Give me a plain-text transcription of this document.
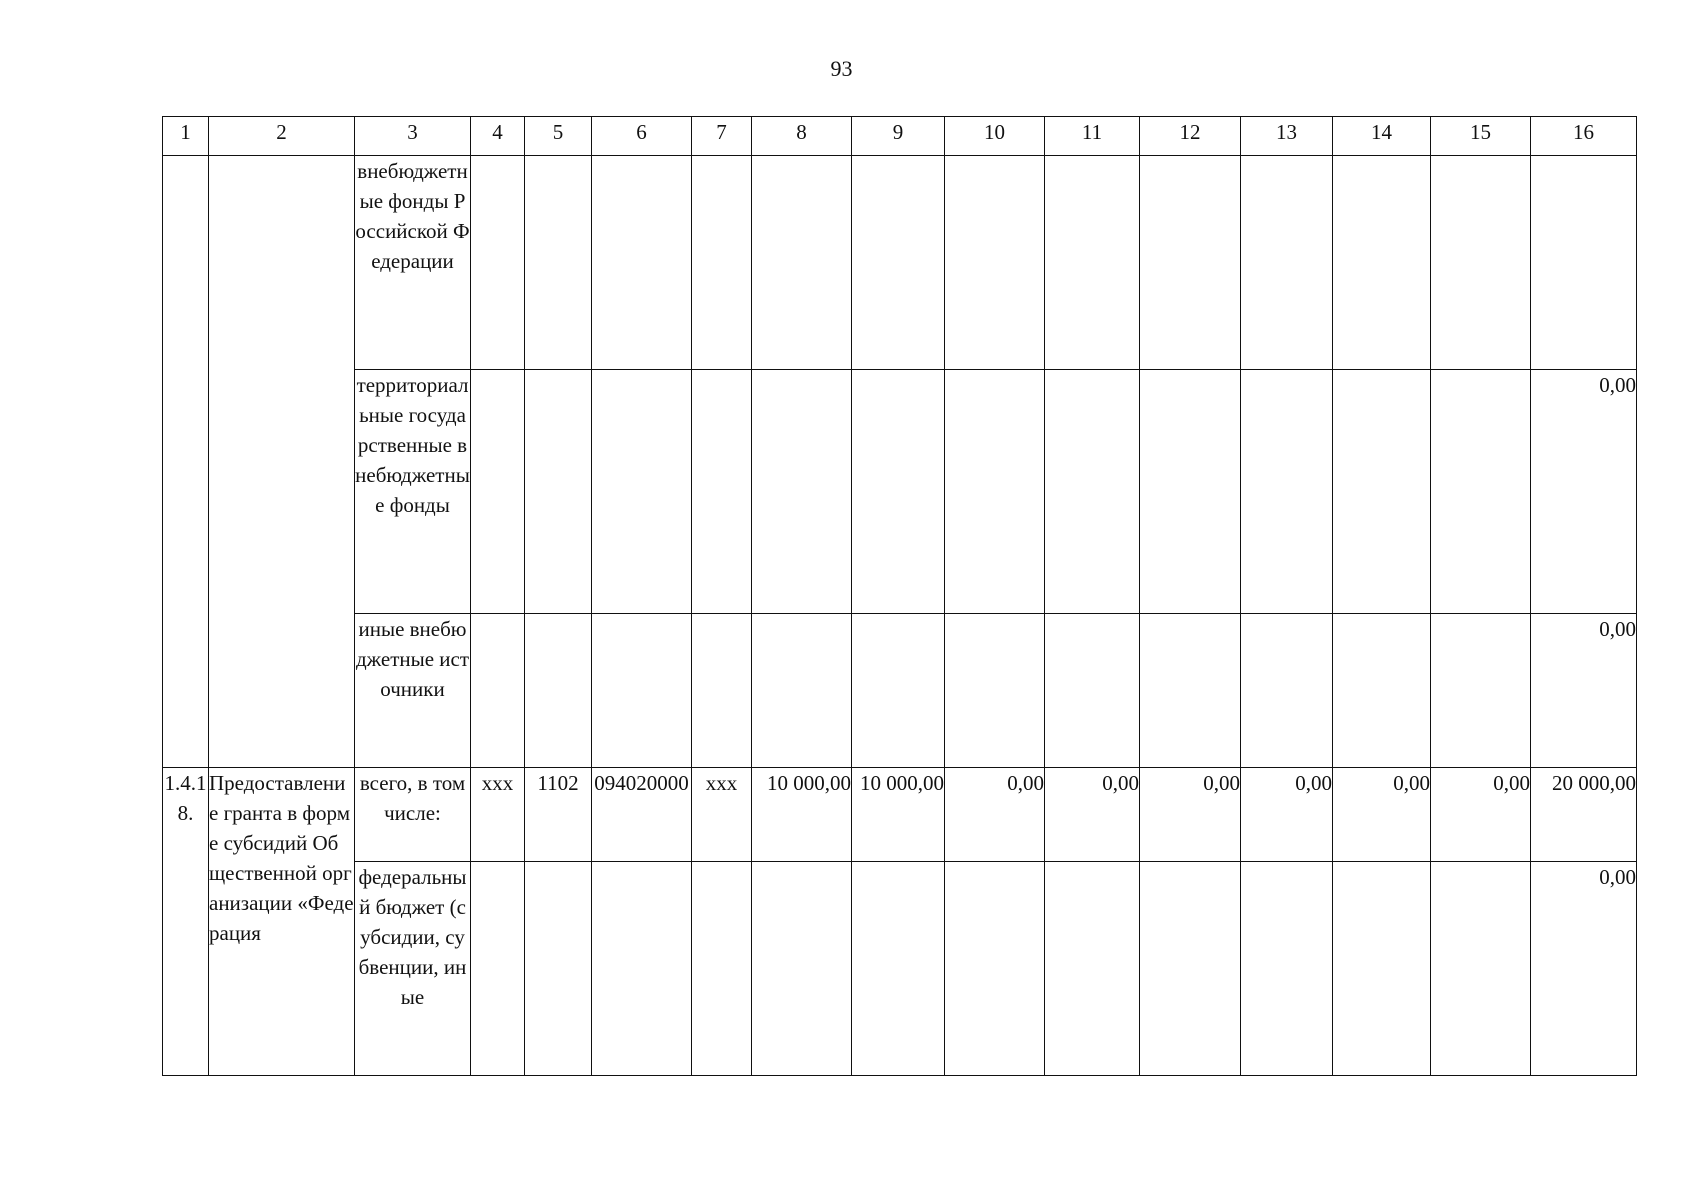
93
1	2	3	4	5	6	7	8	9	10	11	12	13	14	15	16
		внебюджетные фонды Российской Федерации													
		территориальные государственные внебюджетные фонды													0,00
		иные внебюджетные источники													0,00
1.4.18.	Предоставление гранта в форме субсидий Общественной организации «Федерация	всего, в том числе:	ххх	1102	094020000	ххх	10 000,00	10 000,00	0,00	0,00	0,00	0,00	0,00	0,00	20 000,00
		федеральный бюджет (субсидии, субвенции, иные													0,00
